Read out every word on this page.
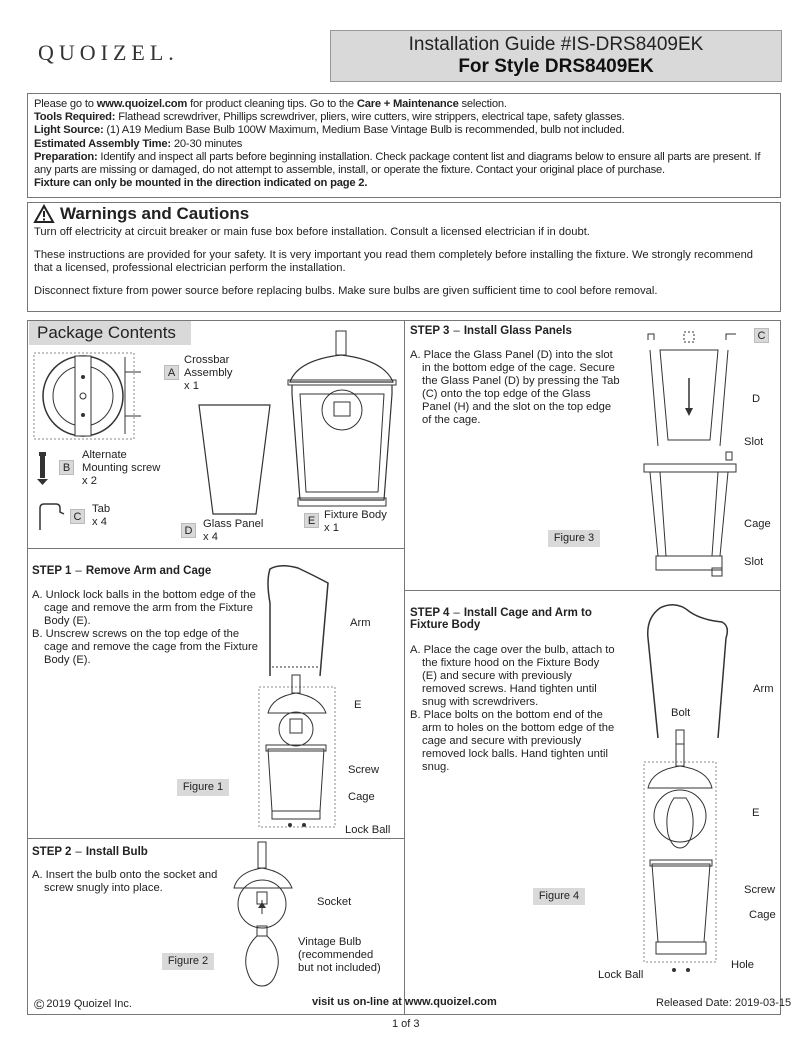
QUOIZEL.	Installation Guide #IS-DRS8409EK
For Style DRS8409EK
Please go to www.quoizel.com for product cleaning tips. Go to the Care + Maintenance selection.
Tools Required: Flathead screwdriver, Phillips screwdriver, pliers, wire cutters, wire strippers, electrical tape, safety glasses.
Light Source: (1) A19 Medium Base Bulb 100W Maximum, Medium Base Vintage Bulb is recommended, bulb not included.
Estimated Assembly Time: 20-30 minutes
Preparation: Identify and inspect all parts before beginning installation. Check package content list and diagrams below to ensure all parts are present. If any parts are missing or damaged, do not attempt to assemble, install, or operate the fixture. Contact your original place of purchase.
Fixture can only be mounted in the direction indicated on page 2.
Warnings and Cautions

Turn off electricity at circuit breaker or main fuse box before installation. Consult a licensed electrician if in doubt.

These instructions are provided for your safety. It is very important you read them completely before installing the fixture. We strongly recommend that a licensed, professional electrician perform the installation.

Disconnect fixture from power source before replacing bulbs. Make sure bulbs are given sufficient time to cool before removal.

Package Contents
A
Crossbar Assembly
x 1
B
Alternate Mounting screw
x 2
C
Tab
x 4
D
Glass Panel
x 4
E Fixture Body
x 1
STEP 1 – Remove Arm and Cage
A. Unlock lock balls in the bottom edge of the cage and remove the arm from the Fixture Body (E).
B. Unscrew screws on the top edge of the cage and remove the cage from the Fixture Body (E).
Arm
E
Screw
Cage
Lock Ball
Figure 1
STEP 2 – Install Bulb
A. Insert the bulb onto the socket and screw snugly into place.
Socket
Vintage Bulb (recommended but not included)
Figure 2
STEP 3 – Install Glass Panels
A. Place the Glass Panel (D) into the slot in the bottom edge of the cage. Secure the Glass Panel (D) by pressing the Tab (C) onto the top edge of the Glass Panel (H) and the slot on the top edge of the cage.
C
D
Slot
Cage
Slot
Figure 3
STEP 4 – Install Cage and Arm to Fixture Body
A. Place the cage over the bulb, attach to the fixture hood on the Fixture Body (E) and secure with previously removed screws. Hand tighten until snug with screwdrivers.
B. Place bolts on the bottom end of the arm to holes on the bottom edge of the cage and secure with previously removed lock balls. Hand tighten until snug.
Arm
Bolt
E
Screw
Cage
Hole
Lock Ball
Figure 4
© 2019 Quoizel Inc.	visit us on-line at www.quoizel.com	Released Date: 2019-03-15
1 of 3
